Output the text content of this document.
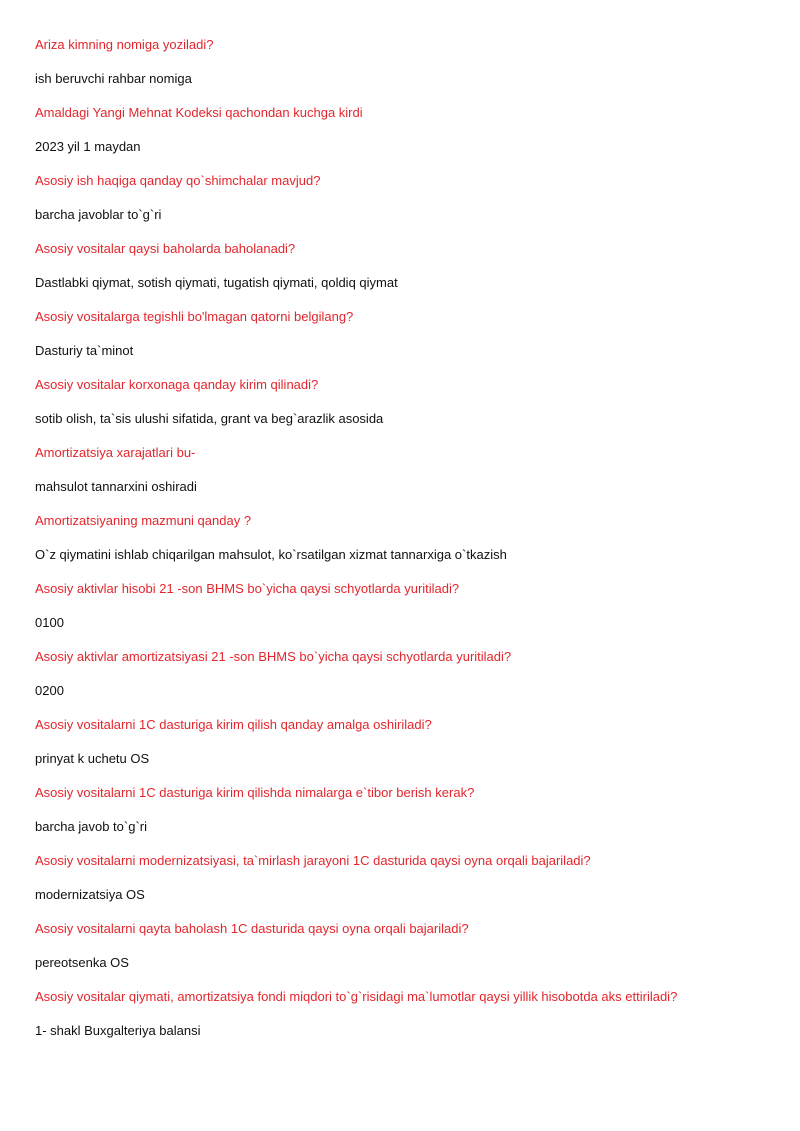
Ariza kimning nomiga yoziladi?
ish beruvchi rahbar nomiga
Amaldagi Yangi Mehnat Kodeksi qachondan kuchga kirdi
2023 yil 1 maydan
Asosiy ish haqiga qanday qo`shimchalar mavjud?
barcha javoblar to`g`ri
Asosiy vositalar qaysi baholarda baholanadi?
Dastlabki qiymat, sotish qiymati, tugatish qiymati, qoldiq qiymat
Asosiy vositalarga tegishli bo'lmagan qatorni belgilang?
Dasturiy ta`minot
Asosiy vositalar korxonaga qanday kirim qilinadi?
sotib olish, ta`sis ulushi sifatida, grant va beg`arazlik asosida
Amortizatsiya xarajatlari bu-
mahsulot tannarxini oshiradi
Amortizatsiyaning mazmuni qanday ?
O`z qiymatini ishlab chiqarilgan mahsulot, ko`rsatilgan xizmat tannarxiga o`tkazish
Asosiy aktivlar hisobi 21 -son BHMS bo`yicha qaysi schyotlarda yuritiladi?
0100
Asosiy aktivlar amortizatsiyasi 21 -son BHMS bo`yicha qaysi schyotlarda yuritiladi?
0200
Asosiy vositalarni 1C dasturiga kirim qilish qanday amalga oshiriladi?
prinyat k uchetu OS
Asosiy vositalarni 1C dasturiga kirim qilishda nimalarga e`tibor berish kerak?
barcha javob to`g`ri
Asosiy vositalarni modernizatsiyasi, ta`mirlash jarayoni 1C dasturida qaysi oyna orqali bajariladi?
modernizatsiya OS
Asosiy vositalarni qayta baholash 1C dasturida qaysi oyna orqali bajariladi?
pereotsenka OS
Asosiy vositalar qiymati, amortizatsiya fondi miqdori to`g`risidagi ma`lumotlar qaysi yillik hisobotda aks ettiriladi?
1- shakl Buxgalteriya balansi
